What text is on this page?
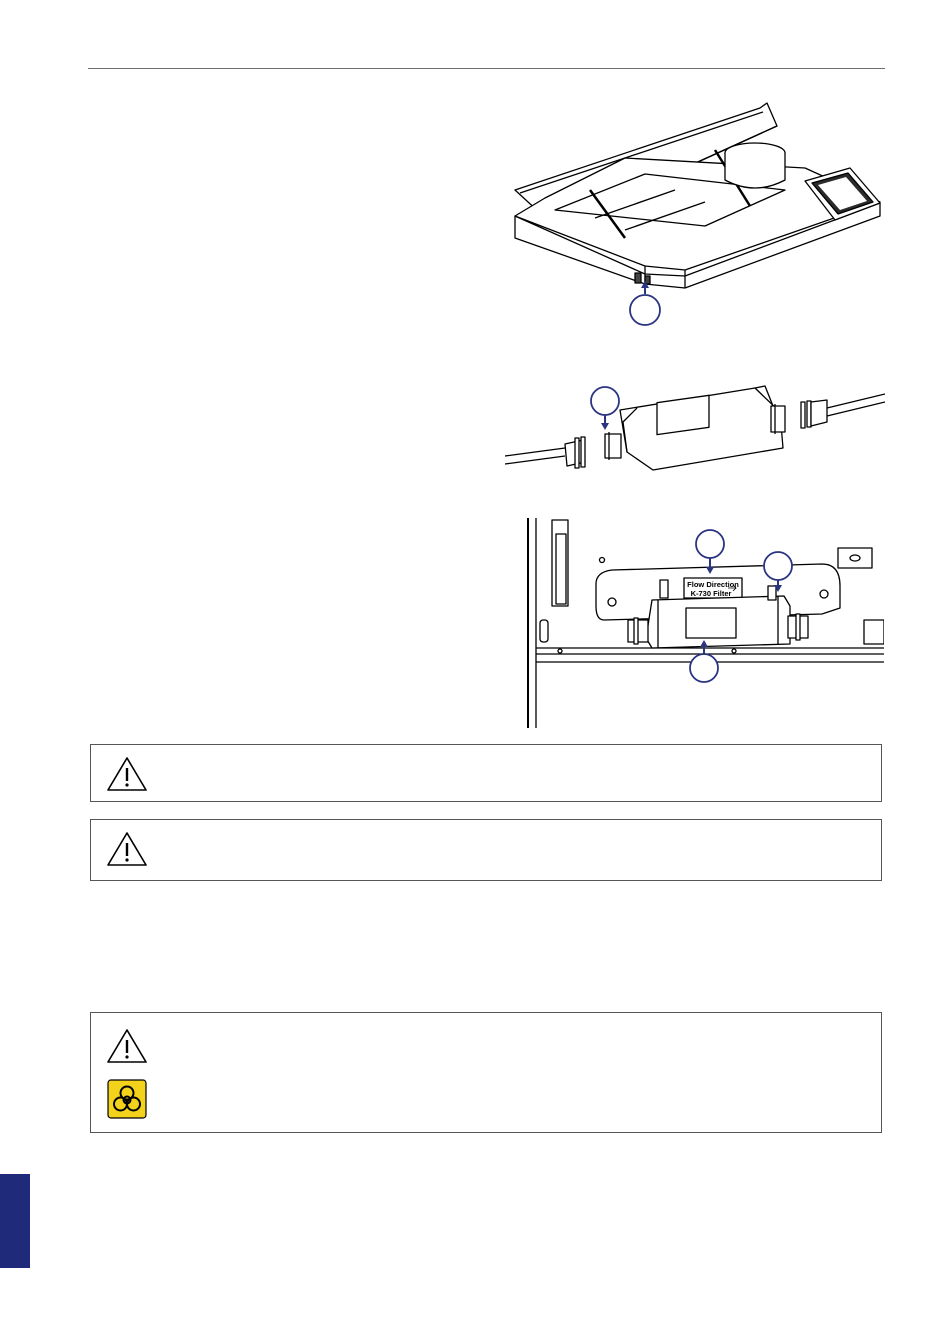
Flow Direction
K-730 Filter
